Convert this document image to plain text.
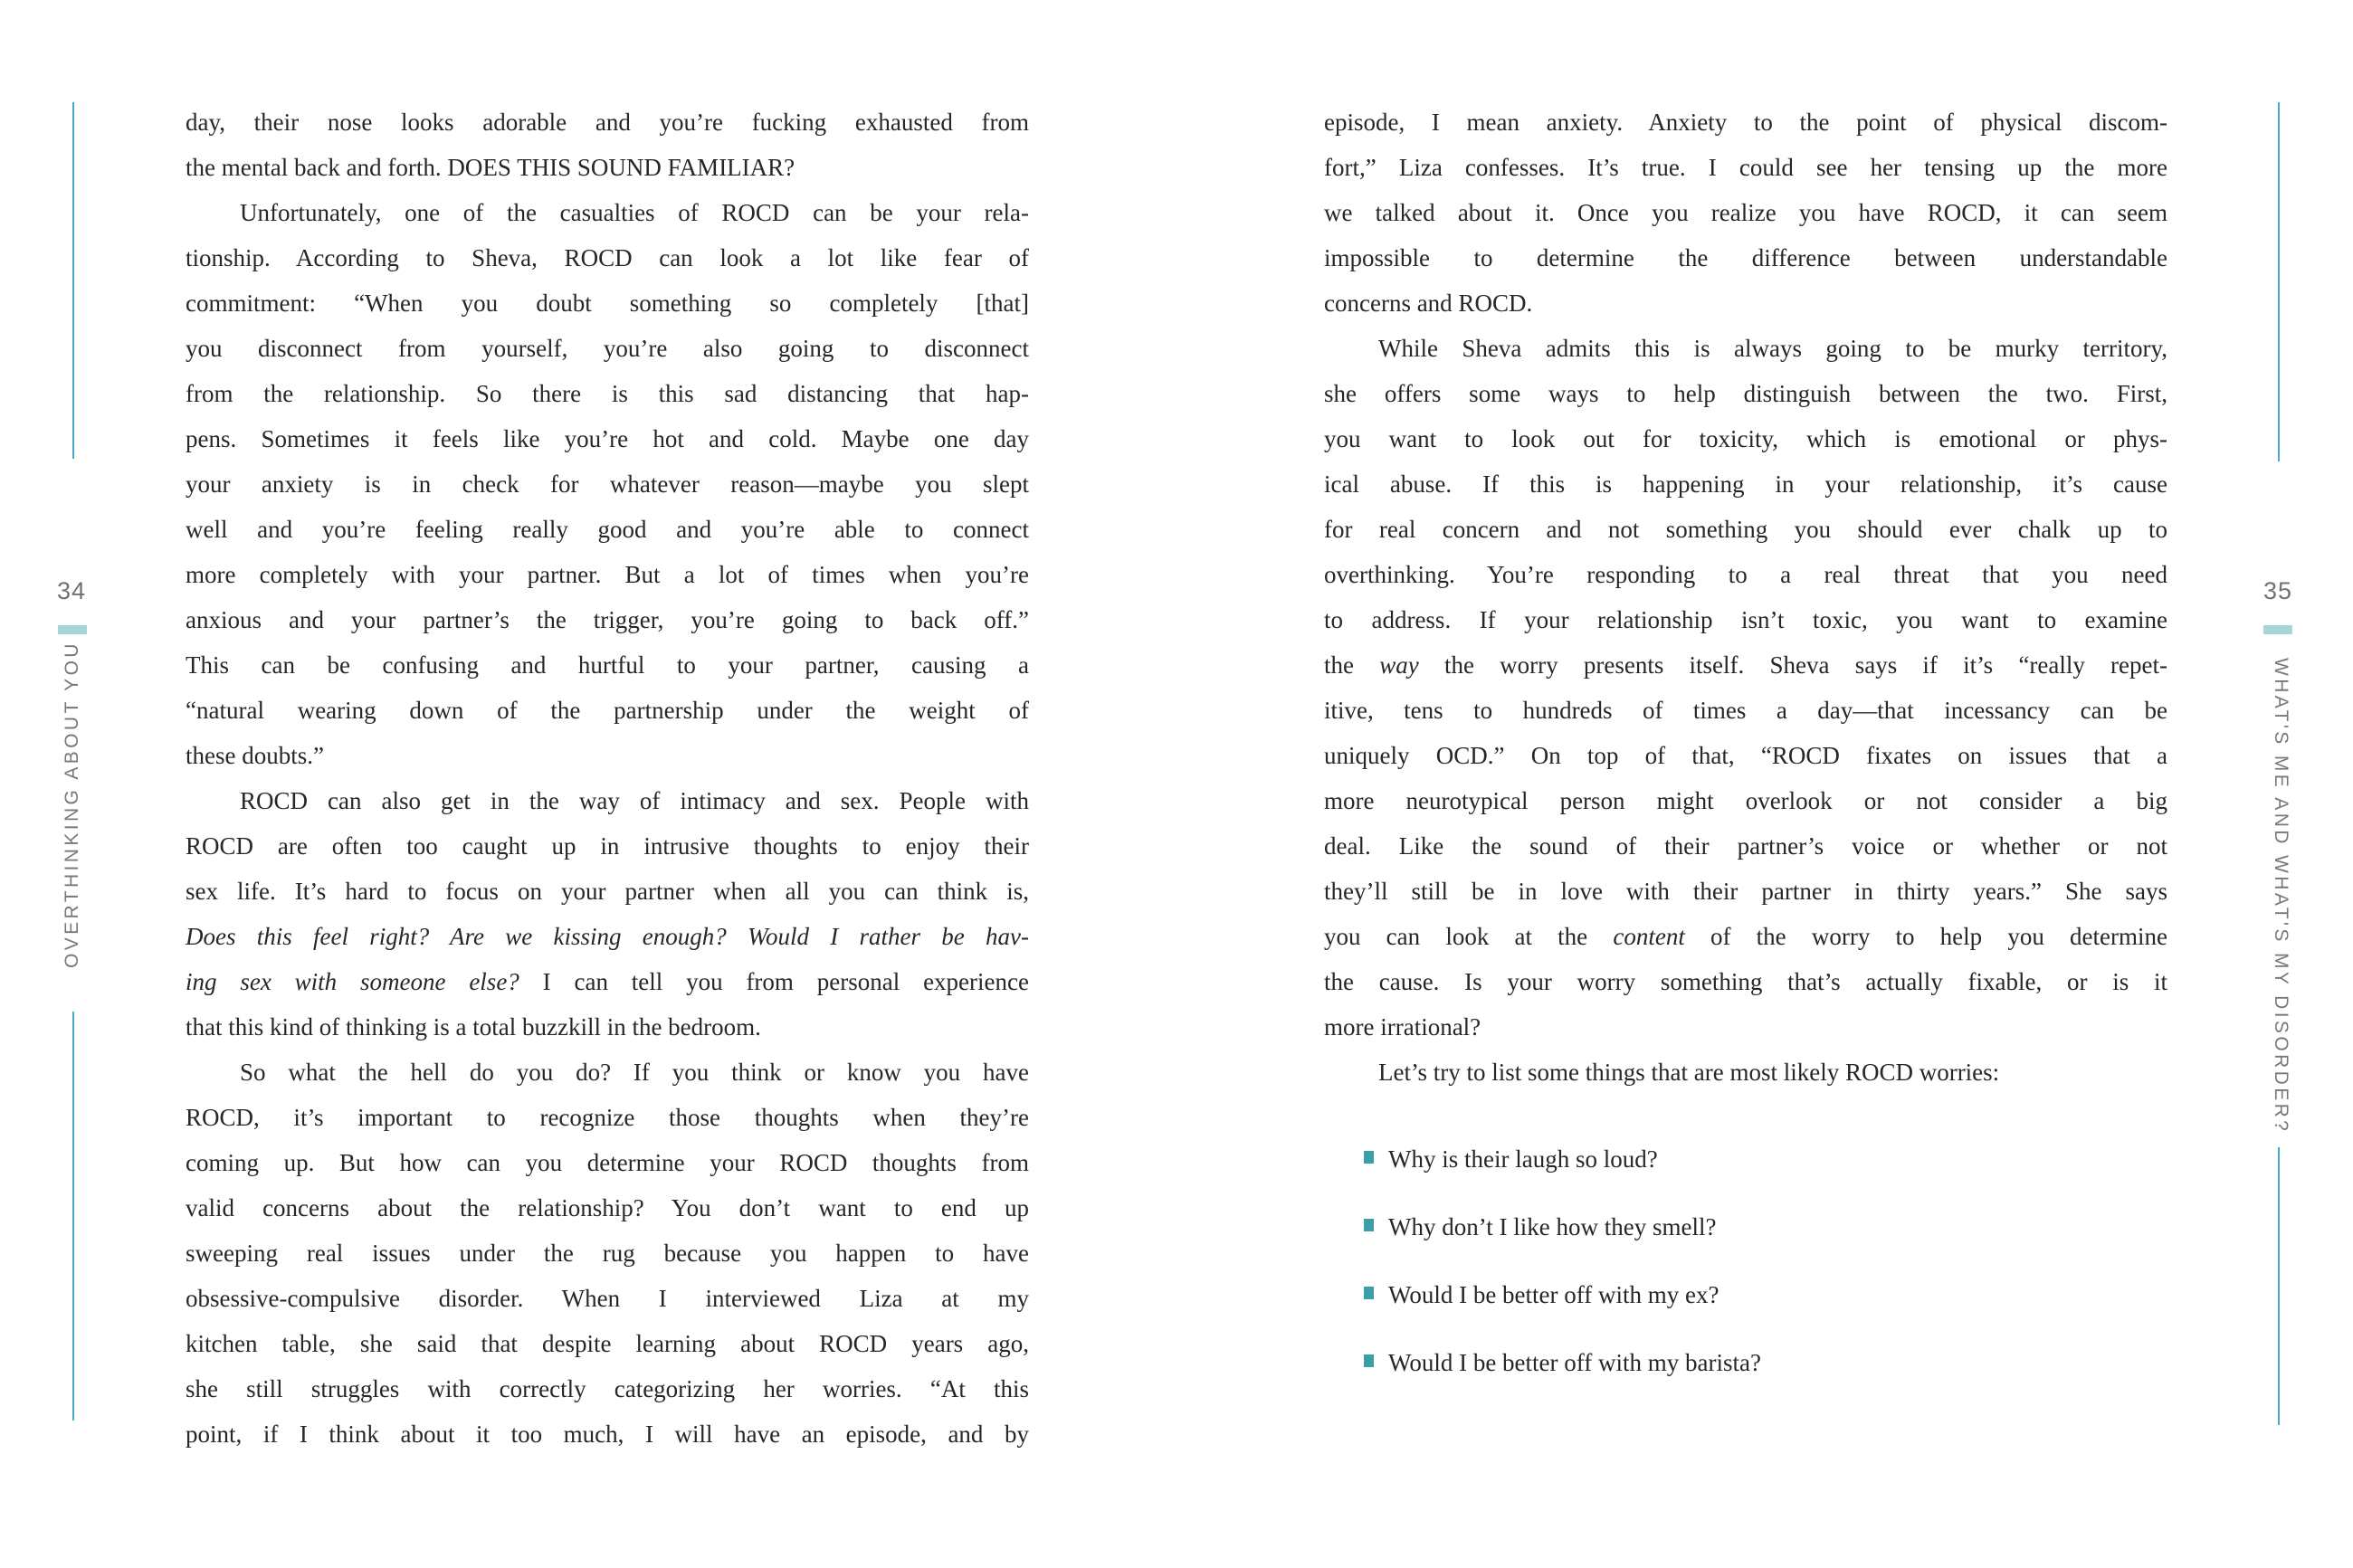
34
OVERTHINKING ABOUT YOU
35
WHAT'S ME AND WHAT'S MY DISORDER?
day, their nose looks adorable and you’re fucking exhausted from
the mental back and forth. DOES THIS SOUND FAMILIAR?
Unfortunately, one of the casualties of ROCD can be your rela-
tionship. According to Sheva, ROCD can look a lot like fear of
commitment: “When you doubt something so completely [that]
you disconnect from yourself, you’re also going to disconnect
from the relationship. So there is this sad distancing that hap-
pens. Sometimes it feels like you’re hot and cold. Maybe one day
your anxiety is in check for whatever reason—maybe you slept
well and you’re feeling really good and you’re able to connect
more completely with your partner. But a lot of times when you’re
anxious and your partner’s the trigger, you’re going to back off.”
This can be confusing and hurtful to your partner, causing a
“natural wearing down of the partnership under the weight of
these doubts.”
ROCD can also get in the way of intimacy and sex. People with
ROCD are often too caught up in intrusive thoughts to enjoy their
sex life. It’s hard to focus on your partner when all you can think is,
Does this feel right? Are we kissing enough? Would I rather be hav-
ing sex with someone else? I can tell you from personal experience
that this kind of thinking is a total buzzkill in the bedroom.
So what the hell do you do? If you think or know you have
ROCD, it’s important to recognize those thoughts when they’re
coming up. But how can you determine your ROCD thoughts from
valid concerns about the relationship? You don’t want to end up
sweeping real issues under the rug because you happen to have
obsessive-compulsive disorder. When I interviewed Liza at my
kitchen table, she said that despite learning about ROCD years ago,
she still struggles with correctly categorizing her worries. “At this
point, if I think about it too much, I will have an episode, and by
episode, I mean anxiety. Anxiety to the point of physical discom-
fort,” Liza confesses. It’s true. I could see her tensing up the more
we talked about it. Once you realize you have ROCD, it can seem
impossible to determine the difference between understandable
concerns and ROCD.
While Sheva admits this is always going to be murky territory,
she offers some ways to help distinguish between the two. First,
you want to look out for toxicity, which is emotional or phys-
ical abuse. If this is happening in your relationship, it’s cause
for real concern and not something you should ever chalk up to
overthinking. You’re responding to a real threat that you need
to address. If your relationship isn’t toxic, you want to examine
the way the worry presents itself. Sheva says if it’s “really repet-
itive, tens to hundreds of times a day—that incessancy can be
uniquely OCD.” On top of that, “ROCD fixates on issues that a
more neurotypical person might overlook or not consider a big
deal. Like the sound of their partner’s voice or whether or not
they’ll still be in love with their partner in thirty years.” She says
you can look at the content of the worry to help you determine
the cause. Is your worry something that’s actually fixable, or is it
more irrational?
Let’s try to list some things that are most likely ROCD worries:
Why is their laugh so loud?
Why don’t I like how they smell?
Would I be better off with my ex?
Would I be better off with my barista?
